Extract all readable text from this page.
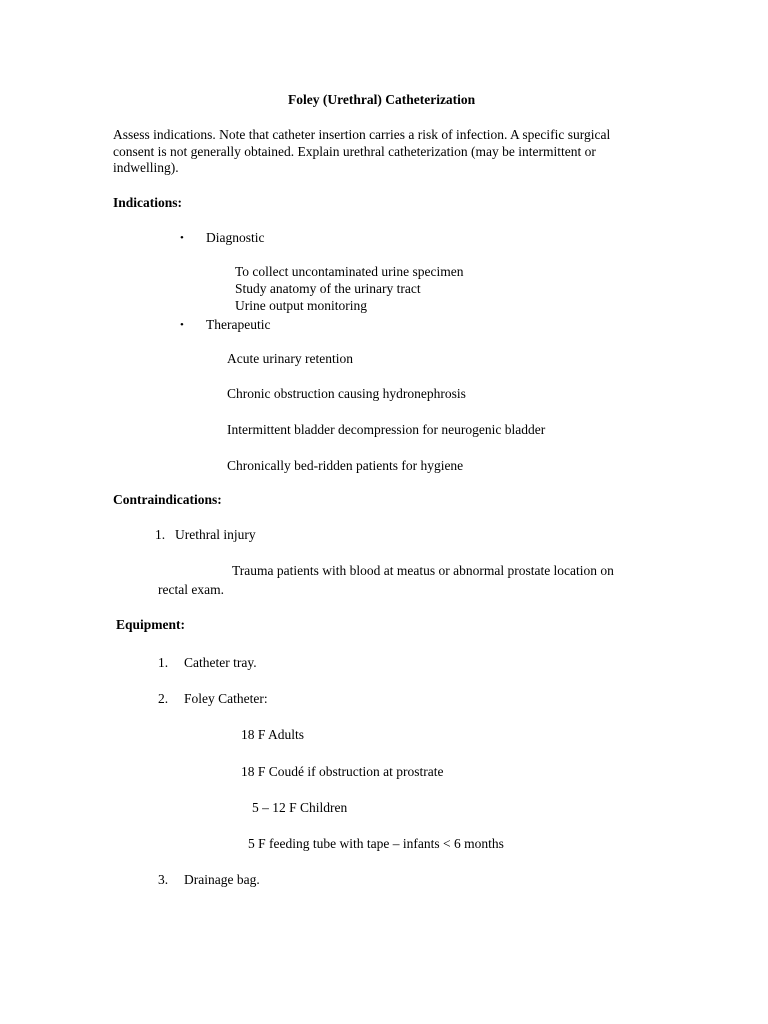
Foley (Urethral) Catheterization
Assess indications. Note that catheter insertion carries a risk of infection. A specific surgical
consent is not generally obtained. Explain urethral catheterization (may be intermittent or
indwelling).
Indications:
• Diagnostic
To collect uncontaminated urine specimen
Study anatomy of the urinary tract
Urine output monitoring
• Therapeutic
Acute urinary retention
Chronic obstruction causing hydronephrosis
Intermittent bladder decompression for neurogenic bladder
Chronically bed-ridden patients for hygiene
Contraindications:
1. Urethral injury
Trauma patients with blood at meatus or abnormal prostate location on
rectal exam.
Equipment:
1. Catheter tray.
2. Foley Catheter:
18 F Adults
18 F Coudé if obstruction at prostrate
5 – 12 F Children
5 F feeding tube with tape – infants < 6 months
3. Drainage bag.
